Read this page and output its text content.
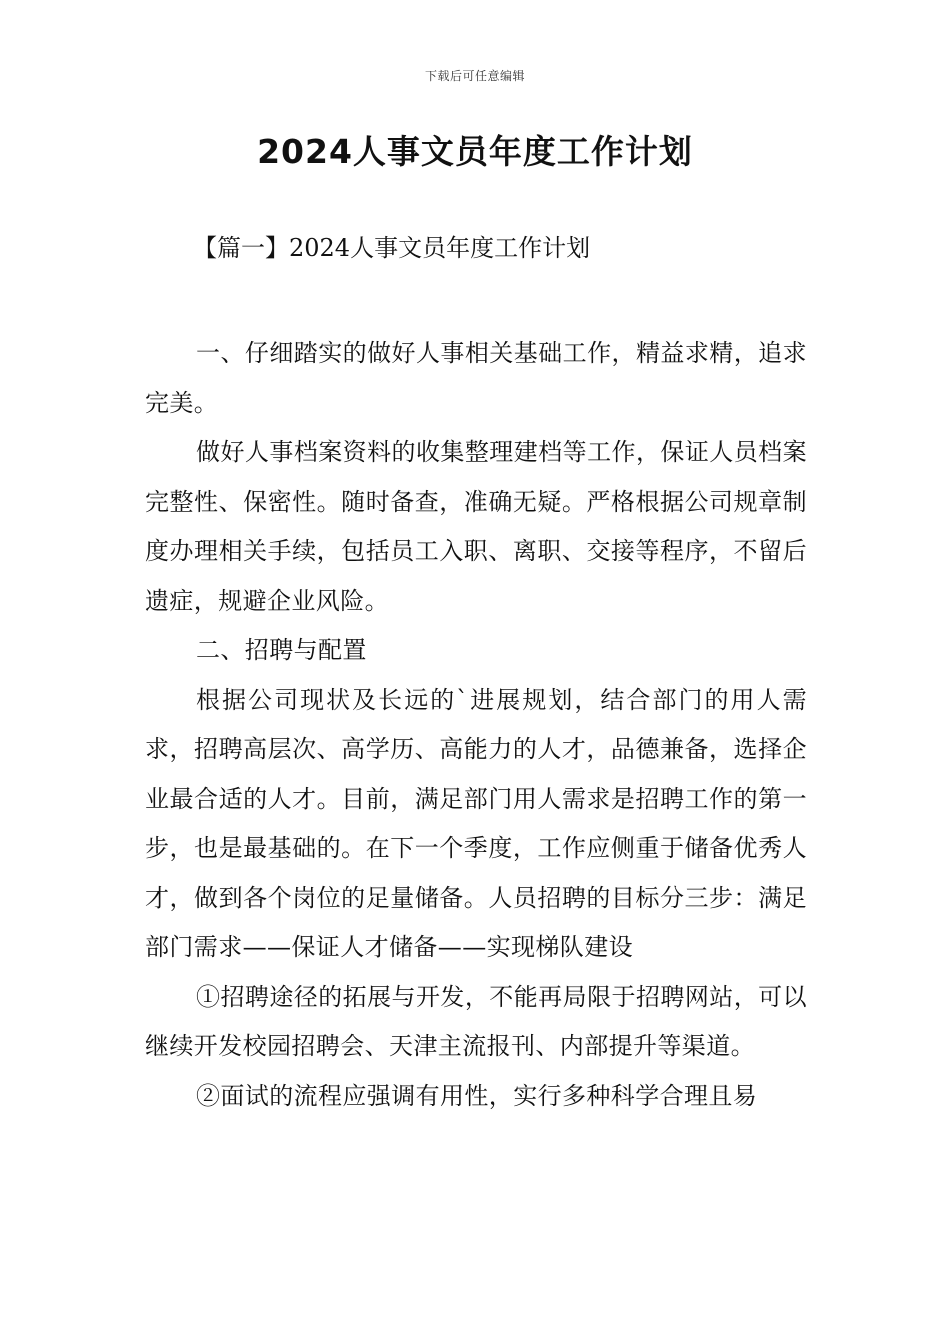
下载后可任意编辑
2024人事文员年度工作计划
【篇一】2024人事文员年度工作计划

一、仔细踏实的做好人事相关基础工作，精益求精，追求完美。

做好人事档案资料的收集整理建档等工作，保证人员档案完整性、保密性。随时备查，准确无疑。严格根据公司规章制度办理相关手续，包括员工入职、离职、交接等程序，不留后遗症，规避企业风险。

二、招聘与配置

根据公司现状及长远的`进展规划，结合部门的用人需求，招聘高层次、高学历、高能力的人才，品德兼备，选择企业最合适的人才。目前，满足部门用人需求是招聘工作的第一步，也是最基础的。在下一个季度，工作应侧重于储备优秀人才，做到各个岗位的足量储备。人员招聘的目标分三步：满足部门需求——保证人才储备——实现梯队建设

①招聘途径的拓展与开发，不能再局限于招聘网站，可以继续开发校园招聘会、天津主流报刊、内部提升等渠道。

②面试的流程应强调有用性，实行多种科学合理且易
